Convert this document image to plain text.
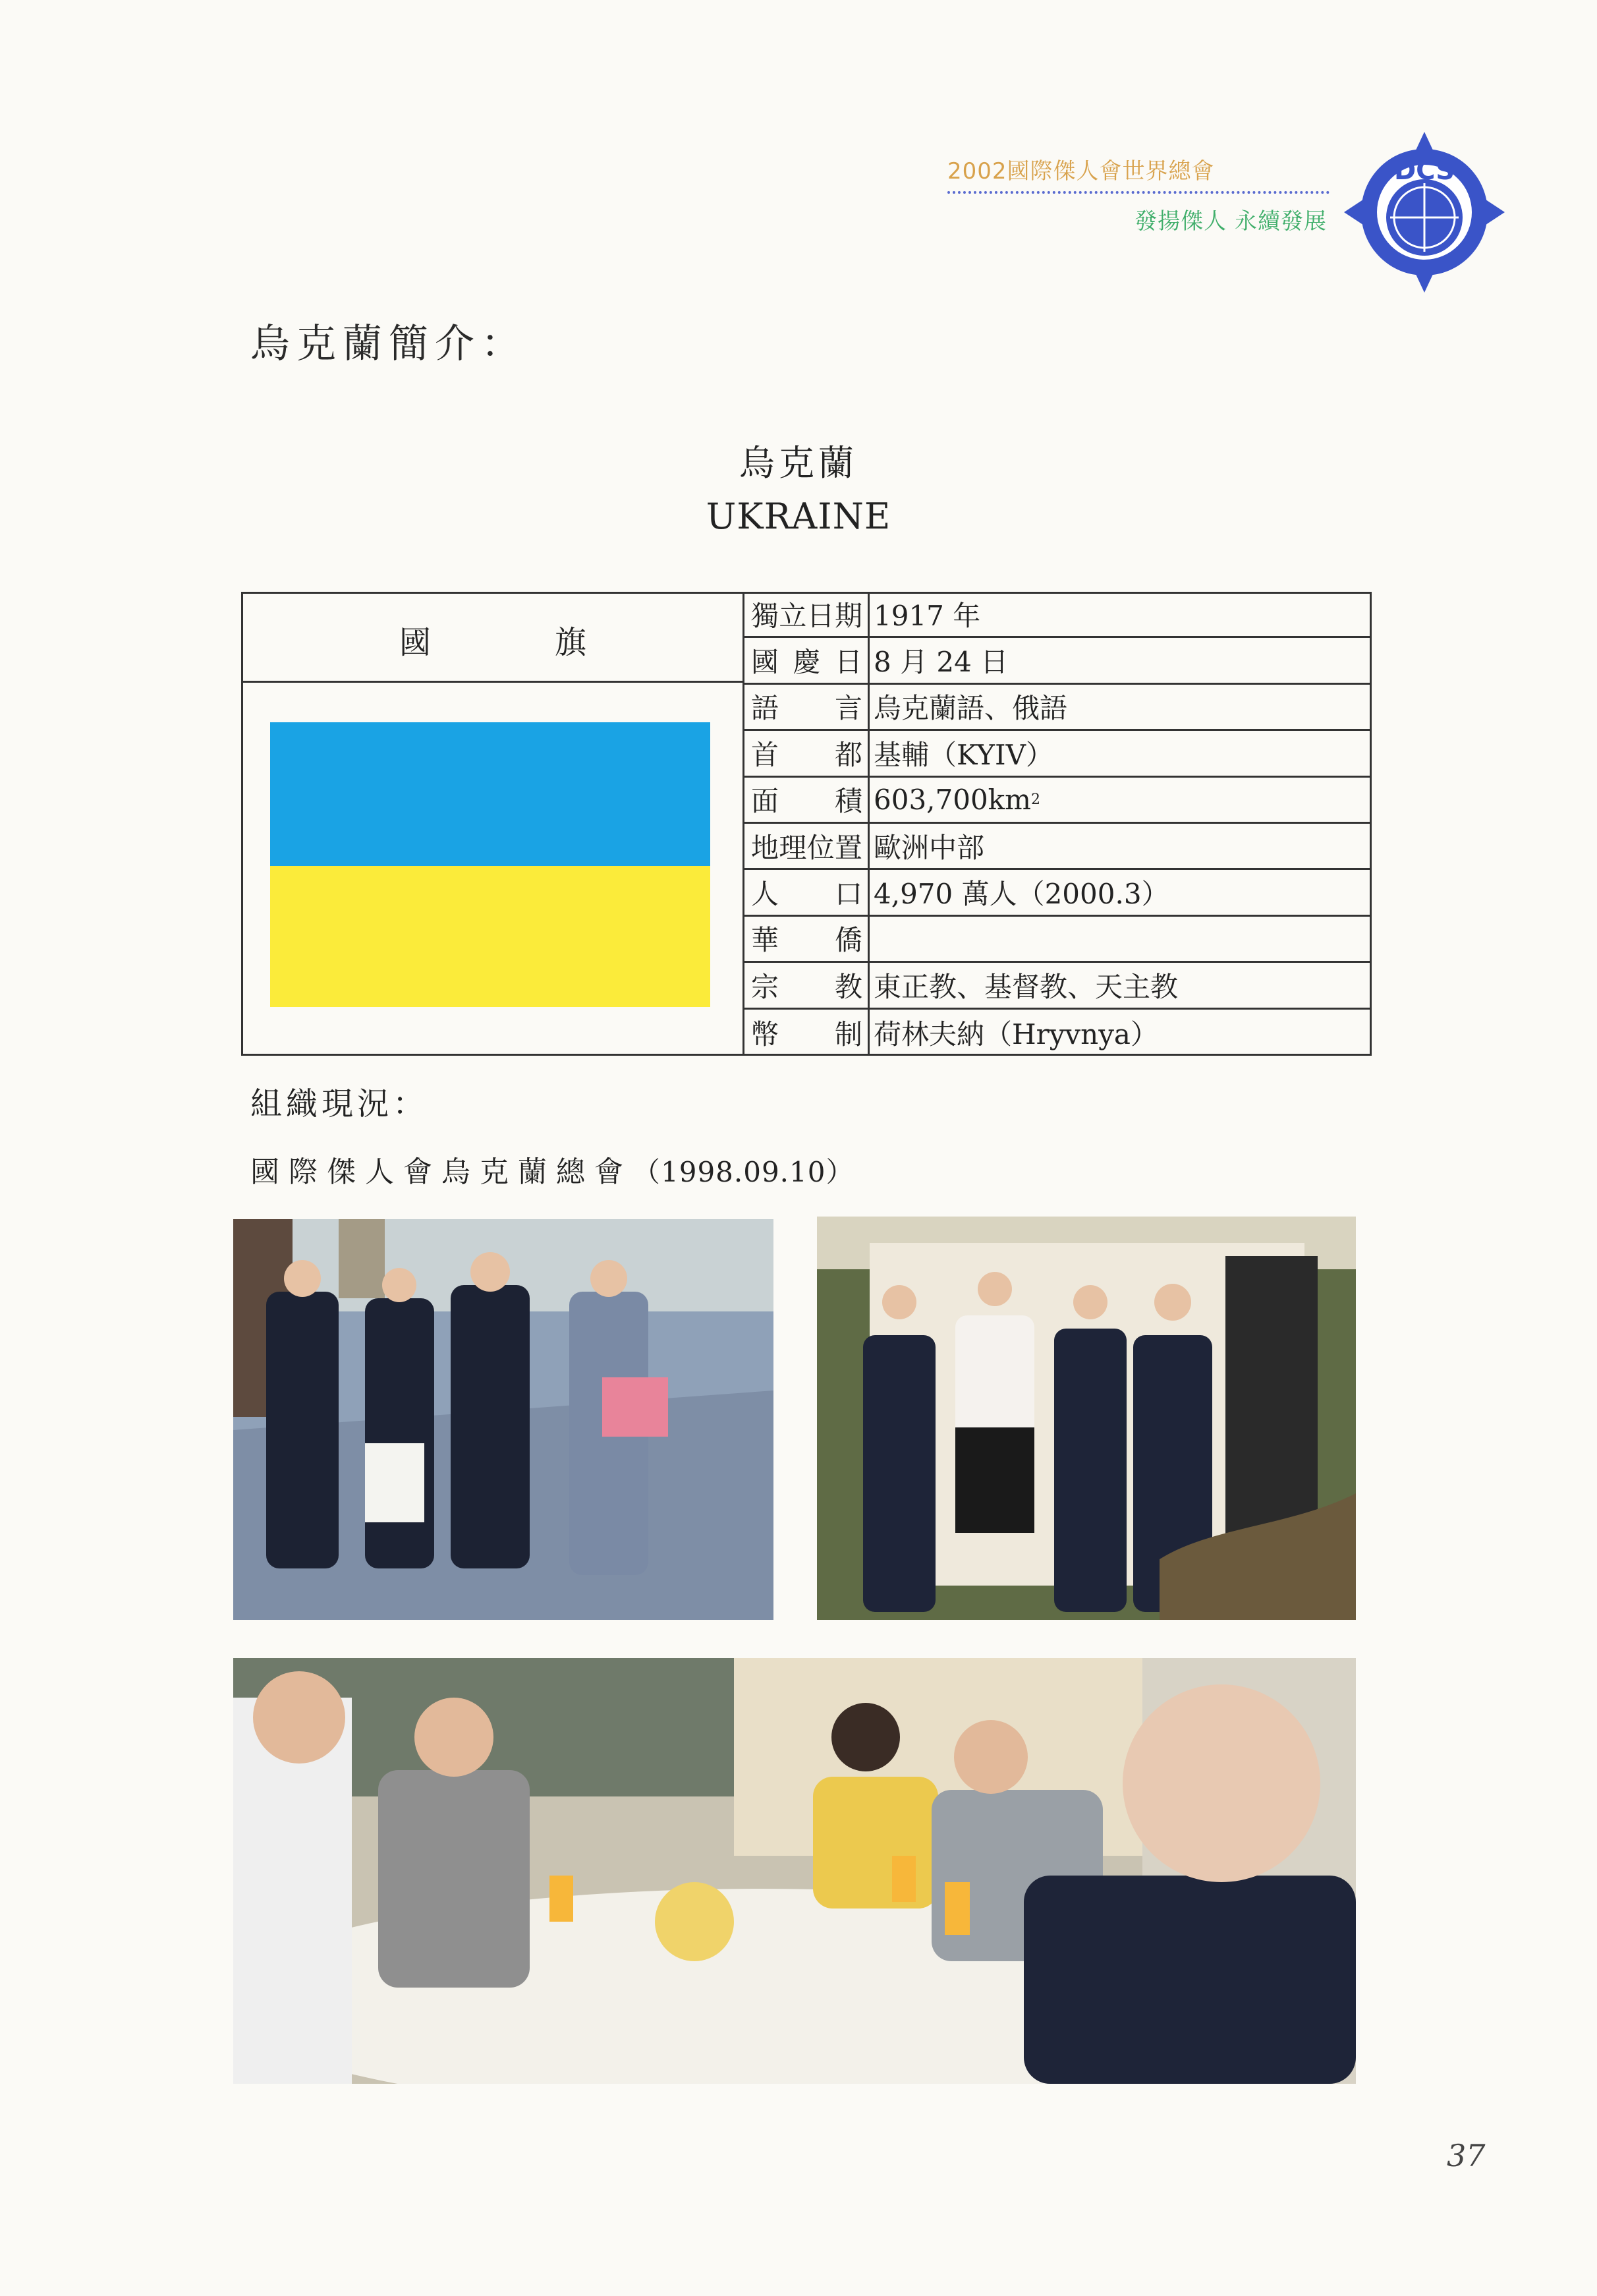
2002國際傑人會世界總會
發揚傑人 永續發展
DCS
烏克蘭簡介：
烏克蘭
UKRAINE
國	旗
獨 立 日 期 1917 年
國 慶 日 8 月 24 日
語 言 烏克蘭語、俄語
首 都 基輔（KYIV）
面 積 603,700km 2
地 理 位 置 歐洲中部
人 口 4,970 萬人（2000.3）
華 僑
宗 教 東正教、基督教、天主教
幣 制 荷林夫納（Hryvnya）
組織現況：
國際傑人會烏克蘭總會（1998.09.10）
37
